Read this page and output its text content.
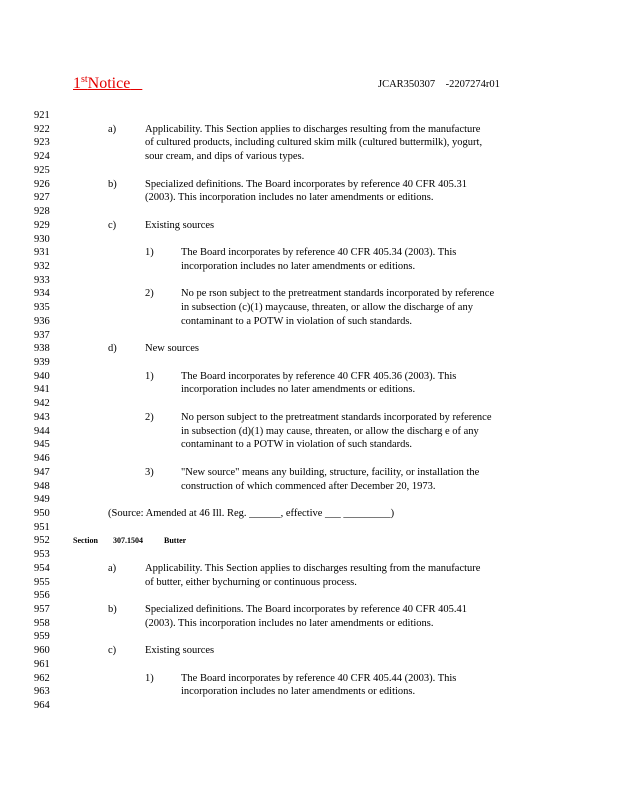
1stNotice	JCAR350307    -2207274r01
921
922
923
924
925
926
927
928
929
930
931
932
933
934
935
936
937
938
939
940
941
942
943
944
945
946
947
948
949
950
951
952
953
954
955
956
957
958
959
960
961
962
963
964
a)
b)
c)
1)
2)
d)
1)
2)
3)
a)
b)
c)
1)
Applicability. This Section applies to discharges resulting from the manufacture
of cultured products, including cultured skim milk (cultured buttermilk), yogurt,
sour cream, and dips of various types.
Specialized definitions. The Board incorporates by reference 40 CFR 405.31
(2003). This incorporation includes no later amendments or editions.
Existing sources
The Board incorporates by reference 40 CFR 405.34 (2003). This
incorporation includes no later amendments or editions.
No pe rson subject to the pretreatment standards incorporated by reference
in subsection (c)(1) maycause, threaten, or allow the discharge of any
contaminant to a POTW in violation of such standards.
New sources
The Board incorporates by reference 40 CFR 405.36 (2003). This
incorporation includes no later amendments or editions.
No person subject to the pretreatment standards incorporated by reference
in subsection (d)(1) may cause, threaten, or allow the discharg e of any
contaminant to a POTW in violation of such standards.
"New source" means any building, structure, facility, or installation the
construction of which commenced after December 20, 1973.
(Source: Amended at 46 Ill. Reg. ______, effective ___ _________)
Section 307.1504	Butter
Applicability. This Section applies to discharges resulting from the manufacture
of butter, either bychurning or continuous process.
Specialized definitions. The Board incorporates by reference 40 CFR 405.41
(2003). This incorporation includes no later amendments or editions.
Existing sources
The Board incorporates by reference 40 CFR 405.44 (2003). This
incorporation includes no later amendments or editions.
